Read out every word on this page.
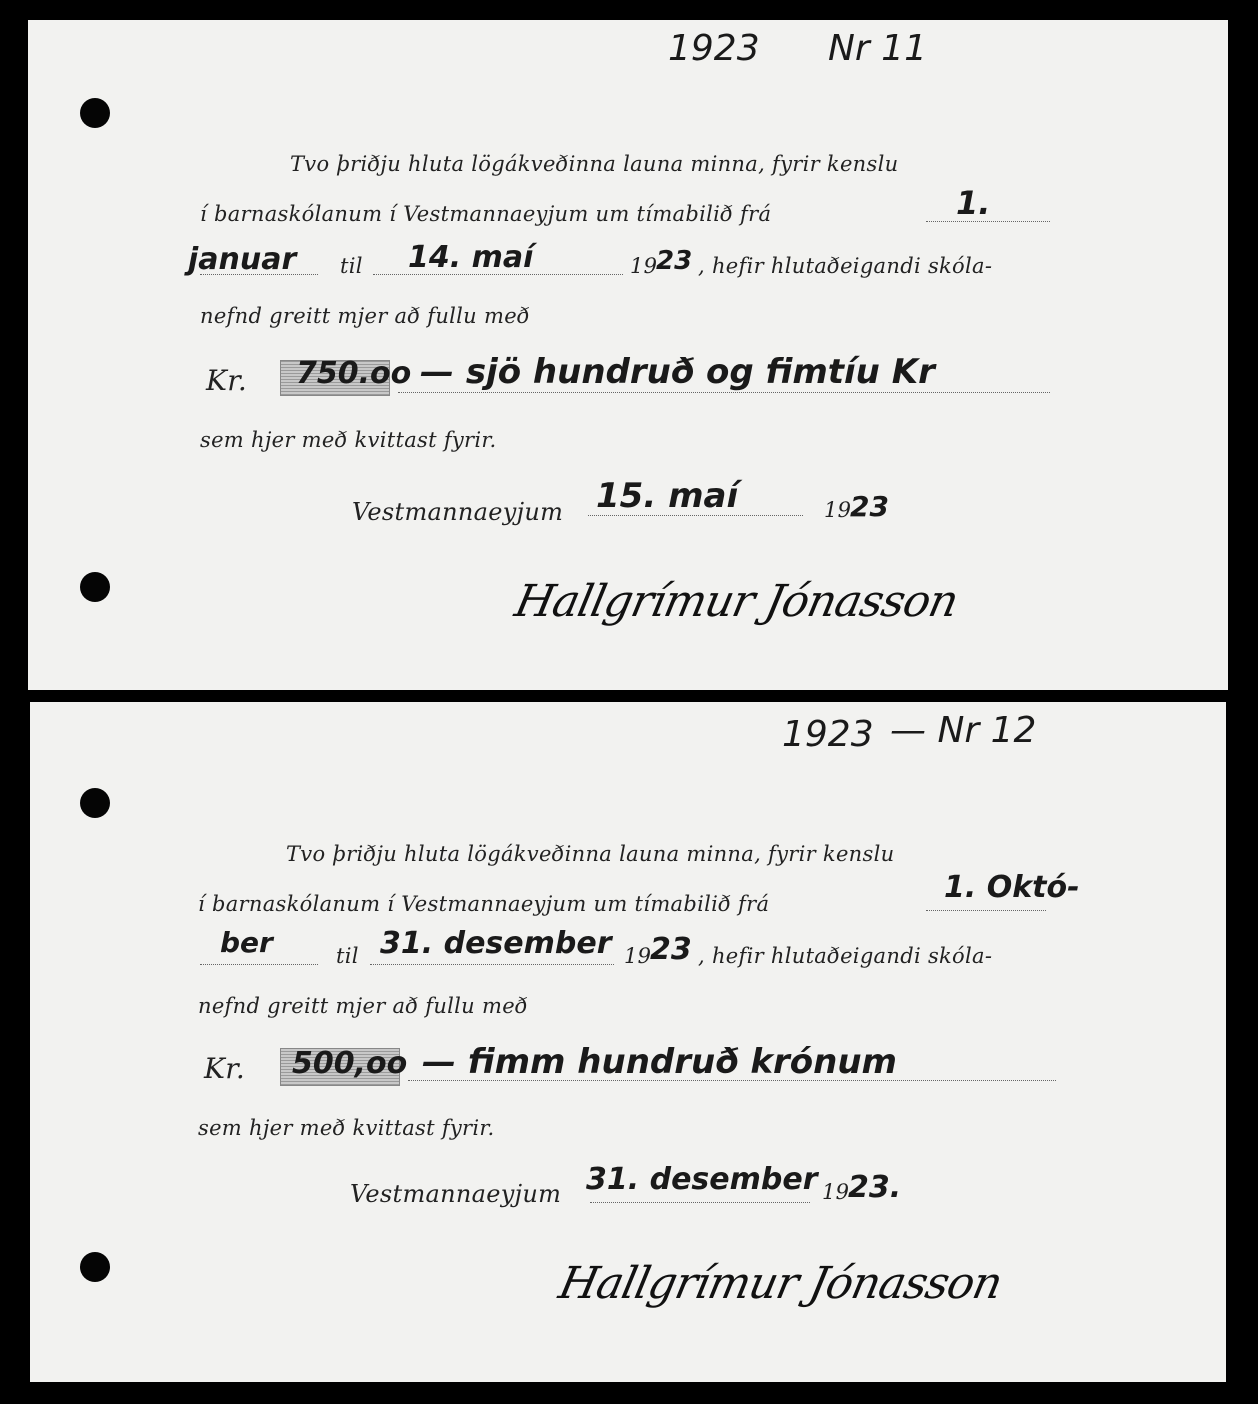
1923 Nr 11
Tvo þriðju hluta lögákveðinna launa minna, fyrir kenslu
í barnaskólanum í Vestmannaeyjum um tímabilið frá	1.
januar til 14. maí	19
23 , hefir hlutaðeigandi skóla-
nefnd greitt mjer að fullu með
Kr. 750.oo — sjö hundruð og fimtíu Kr
sem hjer með kvittast fyrir.
Vestmannaeyjum 15. maí	19
23
Hallgrímur Jónasson
1923 — Nr 12
Tvo þriðju hluta lögákveðinna launa minna, fyrir kenslu
í barnaskólanum í Vestmannaeyjum um tímabilið frá	1. Októ-
ber	til 31. desember 19
23 , hefir hlutaðeigandi skóla-
nefnd greitt mjer að fullu með
Kr. 500,oo — fimm hundruð krónum
sem hjer með kvittast fyrir.
Vestmannaeyjum 31. desember 19
23.
Hallgrímur Jónasson
